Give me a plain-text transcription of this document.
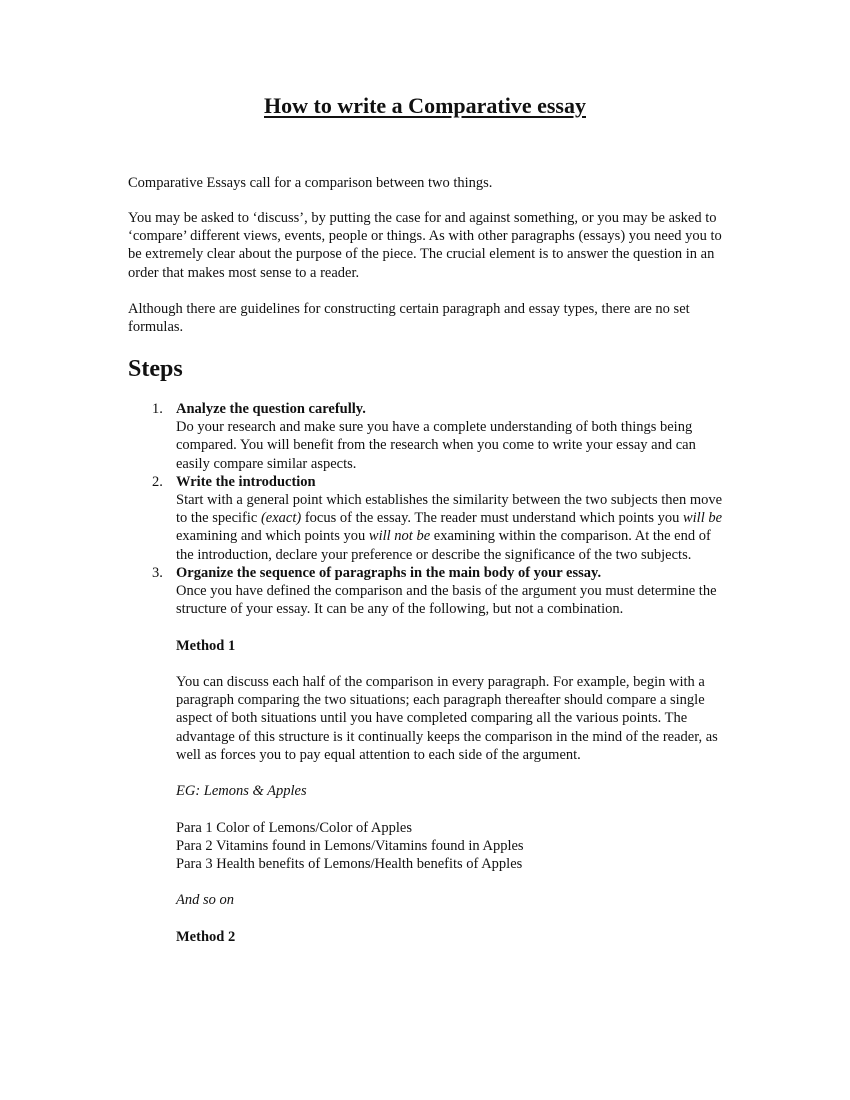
How to write a Comparative essay
Comparative Essays call for a comparison between two things.
You may be asked to ‘discuss’, by putting the case for and against something, or you may be asked to ‘compare’ different views, events, people or things. As with other paragraphs (essays) you need you to be extremely clear about the purpose of the piece. The crucial element is to answer the question in an order that makes most sense to a reader.
Although there are guidelines for constructing certain paragraph and essay types, there are no set formulas.
Steps
1. Analyze the question carefully.
Do your research and make sure you have a complete understanding of both things being compared. You will benefit from the research when you come to write your essay and can easily compare similar aspects.
2. Write the introduction
Start with a general point which establishes the similarity between the two subjects then move to the specific (exact) focus of the essay. The reader must understand which points you will be examining and which points you will not be examining within the comparison. At the end of the introduction, declare your preference or describe the significance of the two subjects.
3. Organize the sequence of paragraphs in the main body of your essay.
Once you have defined the comparison and the basis of the argument you must determine the structure of your essay. It can be any of the following, but not a combination.
Method 1
You can discuss each half of the comparison in every paragraph. For example, begin with a paragraph comparing the two situations; each paragraph thereafter should compare a single aspect of both situations until you have completed comparing all the various points. The advantage of this structure is it continually keeps the comparison in the mind of the reader, as well as forces you to pay equal attention to each side of the argument.
EG: Lemons & Apples
Para 1 Color of Lemons/Color of Apples
Para 2 Vitamins found in Lemons/Vitamins found in Apples
Para 3 Health benefits of Lemons/Health benefits of Apples
And so on
Method 2
